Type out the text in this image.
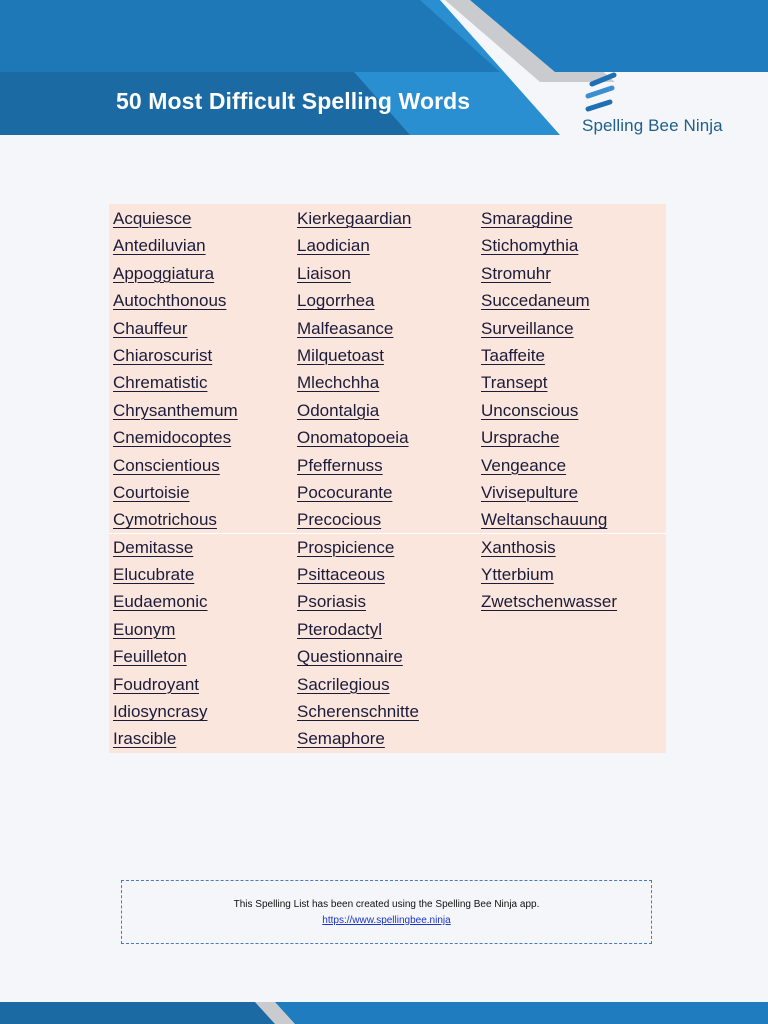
50 Most Difficult Spelling Words
Spelling Bee Ninja
Acquiesce
Antediluvian
Appoggiatura
Autochthonous
Chauffeur
Chiaroscurist
Chrematistic
Chrysanthemum
Cnemidocoptes
Conscientious
Courtoisie
Cymotrichous
Demitasse
Elucubrate
Eudaemonic
Euonym
Feuilleton
Foudroyant
Idiosyncrasy
Irascible
Kierkegaardian
Laodician
Liaison
Logorrhea
Malfeasance
Milquetoast
Mlechchha
Odontalgia
Onomatopoeia
Pfeffernuss
Pococurante
Precocious
Prospicience
Psittaceous
Psoriasis
Pterodactyl
Questionnaire
Sacrilegious
Scherenschnitte
Semaphore
Smaragdine
Stichomythia
Stromuhr
Succedaneum
Surveillance
Taaffeite
Transept
Unconscious
Ursprache
Vengeance
Vivisepulture
Weltanschauung
Xanthosis
Ytterbium
Zwetschenwasser
This Spelling List has been created using the Spelling Bee Ninja app.
https://www.spellingbee.ninja
